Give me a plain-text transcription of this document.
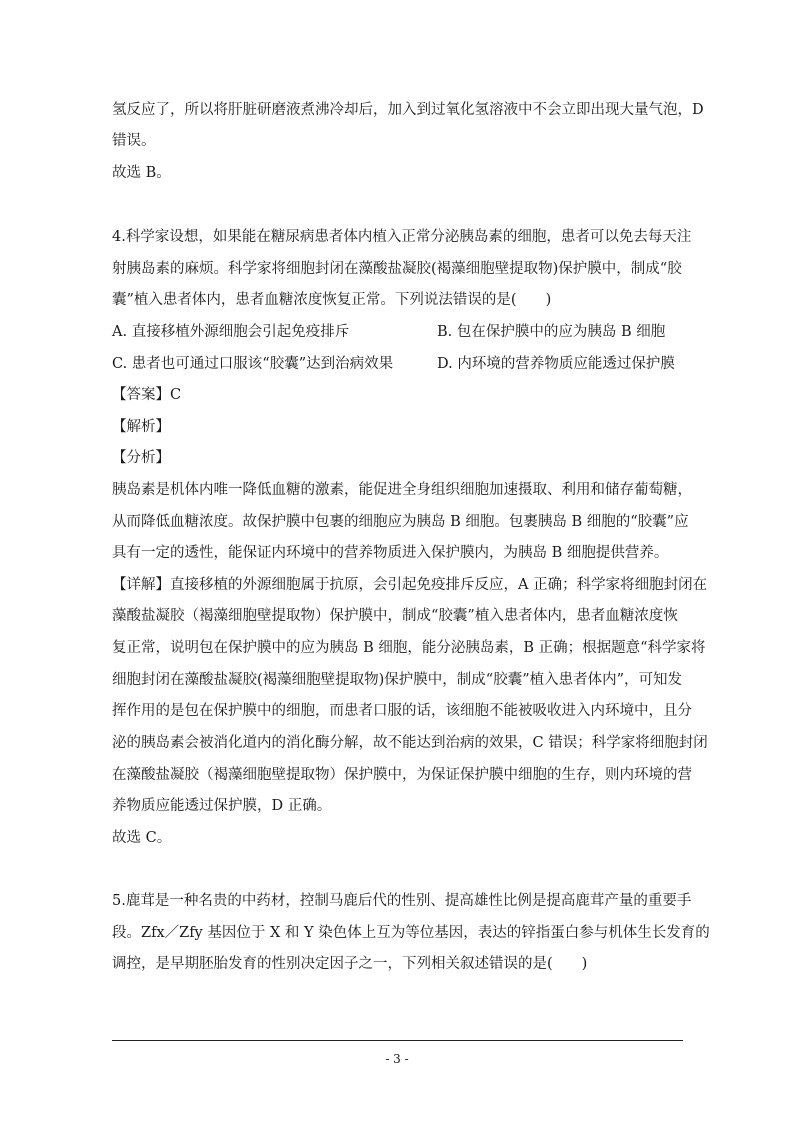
氢反应了，所以将肝脏研磨液煮沸冷却后，加入到过氧化氢溶液中不会立即出现大量气泡，D
错误。
故选 B。
4.科学家设想，如果能在糖尿病患者体内植入正常分泌胰岛素的细胞，患者可以免去每天注
射胰岛素的麻烦。科学家将细胞封闭在藻酸盐凝胶(褐藻细胞壁提取物)保护膜中，制成“胶
囊”植入患者体内，患者血糖浓度恢复正常。下列说法错误的是(　　)
A. 直接移植外源细胞会引起免疫排斥	B. 包在保护膜中的应为胰岛 B 细胞
C. 患者也可通过口服该“胶囊”达到治病效果	D. 内环境的营养物质应能透过保护膜
【答案】C
【解析】
【分析】
胰岛素是机体内唯一降低血糖的激素，能促进全身组织细胞加速摄取、利用和储存葡萄糖，
从而降低血糖浓度。故保护膜中包裹的细胞应为胰岛 B 细胞。包裹胰岛 B 细胞的“胶囊”应
具有一定的透性，能保证内环境中的营养物质进入保护膜内，为胰岛 B 细胞提供营养。
【详解】直接移植的外源细胞属于抗原，会引起免疫排斥反应，A 正确；科学家将细胞封闭在
藻酸盐凝胶（褐藻细胞壁提取物）保护膜中，制成“胶囊”植入患者体内，患者血糖浓度恢
复正常，说明包在保护膜中的应为胰岛 B 细胞，能分泌胰岛素，B 正确；根据题意“科学家将
细胞封闭在藻酸盐凝胶(褐藻细胞壁提取物)保护膜中，制成“胶囊”植入患者体内”，可知发
挥作用的是包在保护膜中的细胞，而患者口服的话，该细胞不能被吸收进入内环境中，且分
泌的胰岛素会被消化道内的消化酶分解，故不能达到治病的效果，C 错误；科学家将细胞封闭
在藻酸盐凝胶（褐藻细胞壁提取物）保护膜中，为保证保护膜中细胞的生存，则内环境的营
养物质应能透过保护膜，D 正确。
故选 C。
5.鹿茸是一种名贵的中药材，控制马鹿后代的性别、提高雄性比例是提高鹿茸产量的重要手
段。Zfx／Zfy 基因位于 X 和 Y 染色体上互为等位基因，表达的锌指蛋白参与机体生长发育的
调控，是早期胚胎发育的性别决定因子之一，下列相关叙述错误的是(　　)
- 3 -
